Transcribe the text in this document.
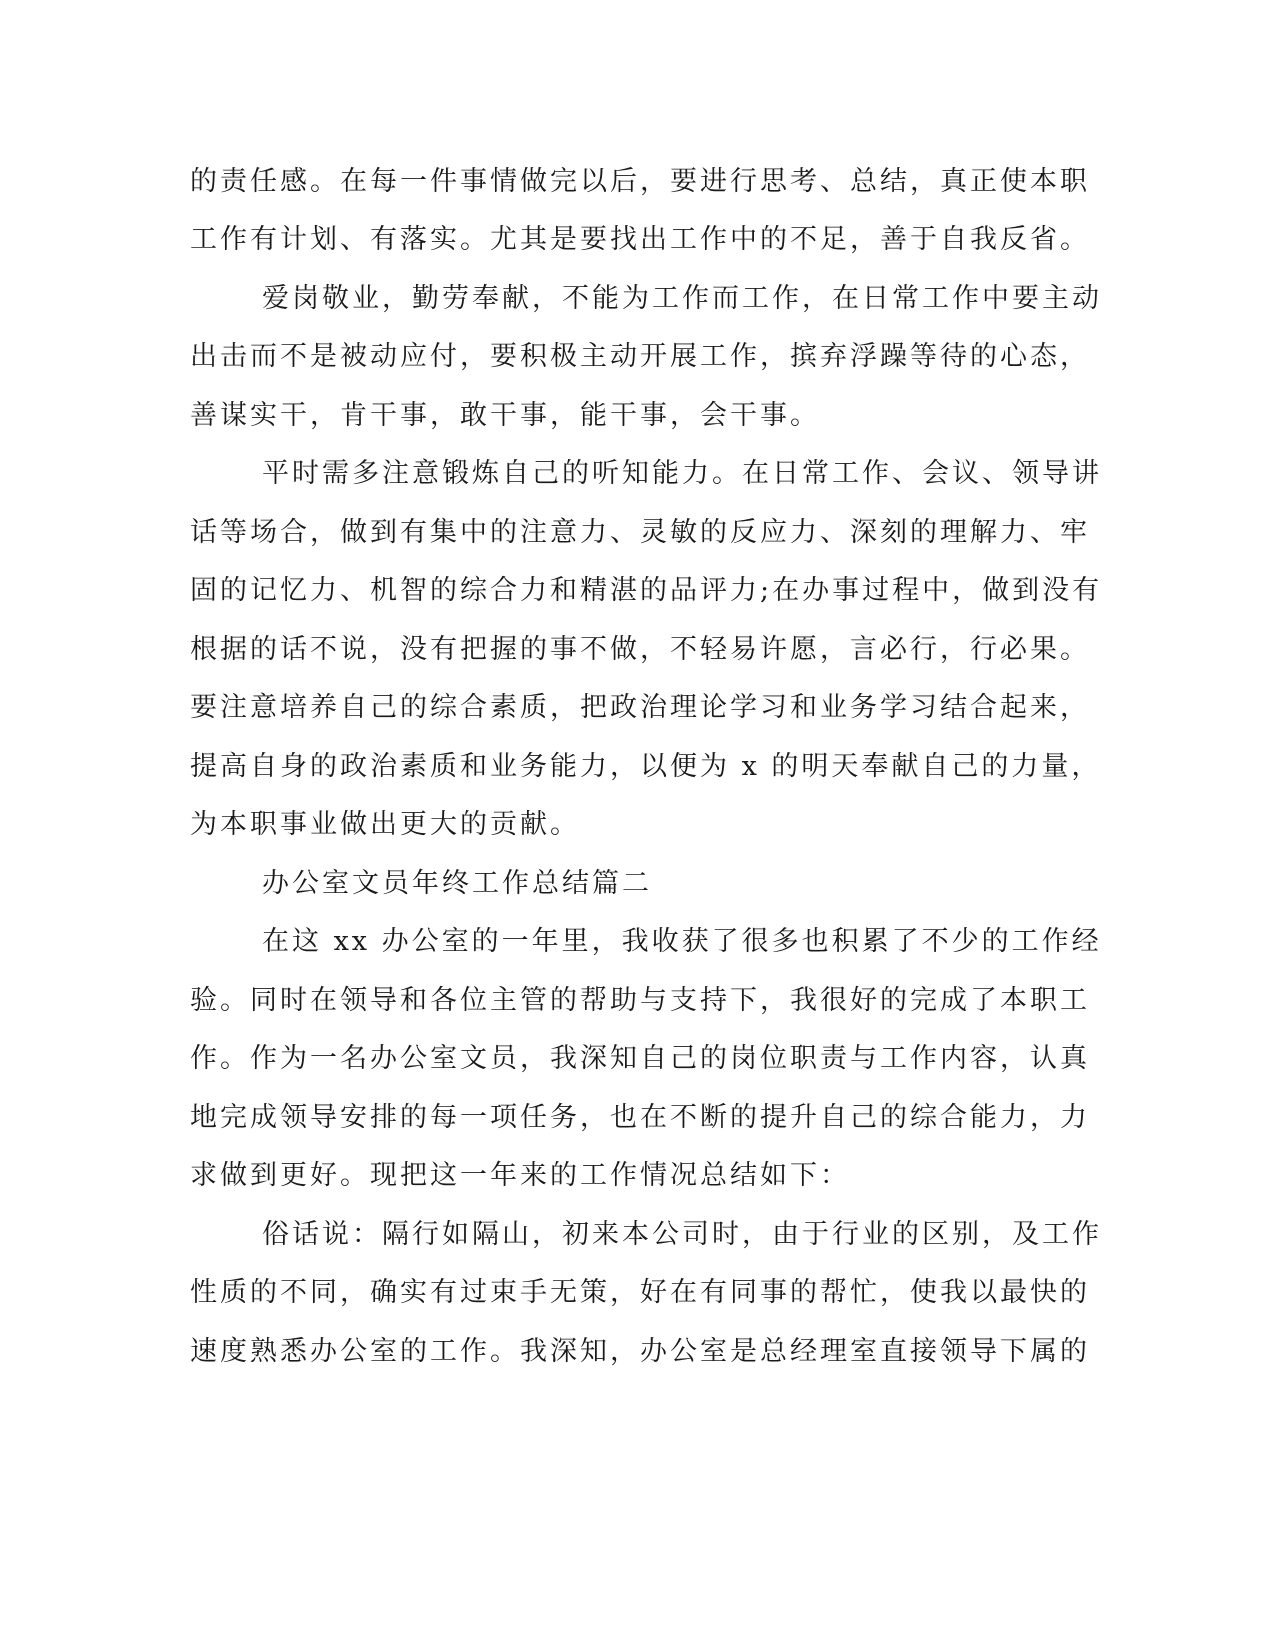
的责任感。在每一件事情做完以后，要进行思考、总结，真正使本职
工作有计划、有落实。尤其是要找出工作中的不足，善于自我反省。
爱岗敬业，勤劳奉献，不能为工作而工作，在日常工作中要主动
出击而不是被动应付，要积极主动开展工作，摈弃浮躁等待的心态，
善谋实干，肯干事，敢干事，能干事，会干事。
平时需多注意锻炼自己的听知能力。在日常工作、会议、领导讲
话等场合，做到有集中的注意力、灵敏的反应力、深刻的理解力、牢
固的记忆力、机智的综合力和精湛的品评力;在办事过程中，做到没有
根据的话不说，没有把握的事不做，不轻易许愿，言必行，行必果。
要注意培养自己的综合素质，把政治理论学习和业务学习结合起来，
提高自身的政治素质和业务能力，以便为 x 的明天奉献自己的力量，
为本职事业做出更大的贡献。
办公室文员年终工作总结篇二
在这 xx 办公室的一年里，我收获了很多也积累了不少的工作经
验。同时在领导和各位主管的帮助与支持下，我很好的完成了本职工
作。作为一名办公室文员，我深知自己的岗位职责与工作内容，认真
地完成领导安排的每一项任务，也在不断的提升自己的综合能力，力
求做到更好。现把这一年来的工作情况总结如下：
俗话说：隔行如隔山，初来本公司时，由于行业的区别，及工作
性质的不同，确实有过束手无策，好在有同事的帮忙，使我以最快的
速度熟悉办公室的工作。我深知，办公室是总经理室直接领导下属的
